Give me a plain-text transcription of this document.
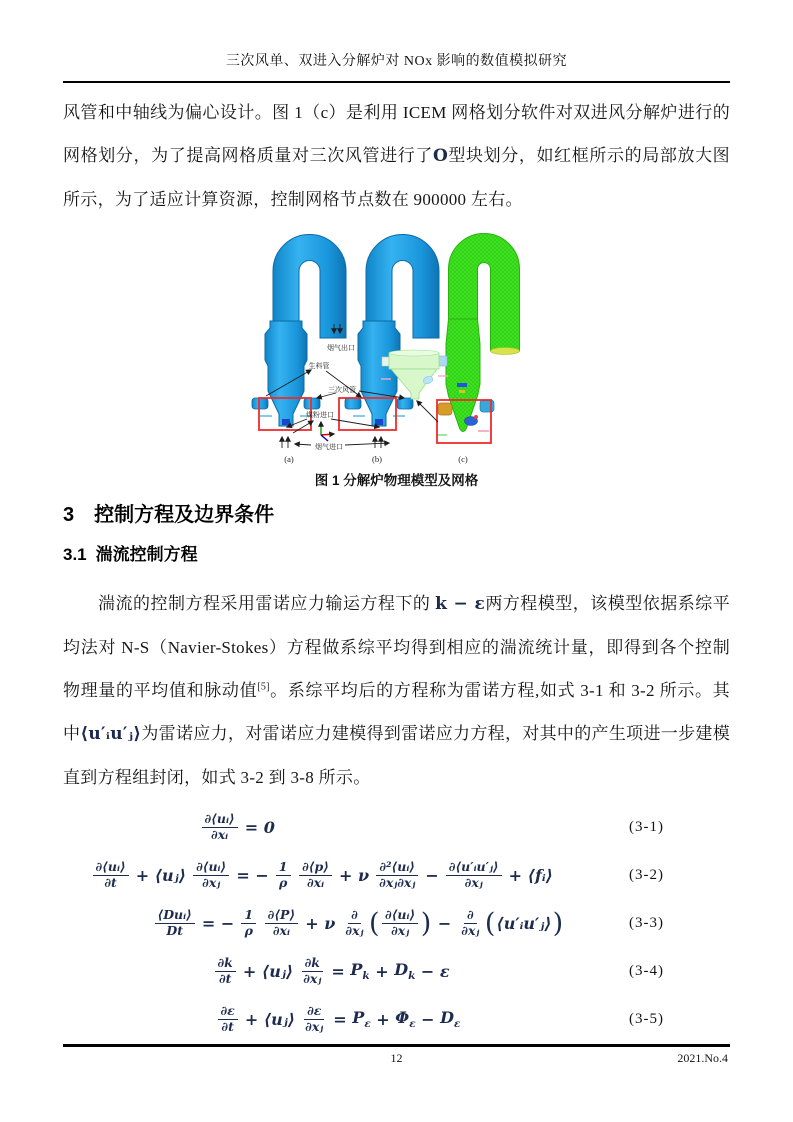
三次风单、双进入分解炉对 NOx 影响的数值模拟研究

风管和中轴线为偏心设计。图 1（c）是利用 ICEM 网格划分软件对双进风分解炉进行的网格划分，为了提高网格质量对三次风管进行了O型块划分，如红框所示的局部放大图所示，为了适应计算资源，控制网格节点数在 900000 左右。

烟气出口
生料管
三次风管
煤粉进口
烟气进口
(a)	(b)	(c)
图 1 分解炉物理模型及网格
3 控制方程及边界条件
3.1 湍流控制方程

湍流的控制方程采用雷诺应力输运方程下的 k − ε两方程模型，该模型依据系综平均法对 N-S（Navier-Stokes）方程做系综平均得到相应的湍流统计量，即得到各个控制物理量的平均值和脉动值[5]。系综平均后的方程称为雷诺方程,如式 3-1 和 3-2 所示。其中⟨u′ᵢu′ⱼ⟩为雷诺应力，对雷诺应力建模得到雷诺应力方程，对其中的产生项进一步建模直到方程组封闭，如式 3-2 到 3-8 所示。

$\frac{\text{∂⟨uᵢ⟩}}{\text{∂xᵢ}} = 0$	(3-1)
∂⟨uᵢ⟩
∂t + ⟨uⱼ⟩ $\frac{\text{∂⟨uᵢ⟩}}{\text{∂xⱼ}}$ = − $\frac{1}{\rho}$
∂⟨p⟩
∂xᵢ + ν ∂²⟨uᵢ⟩
∂xⱼ∂xⱼ − $\frac{\text{∂⟨u′ᵢu′ⱼ⟩}}{\text{∂xⱼ}}$ + ⟨fᵢ⟩	(3-2)
⟨Duᵢ⟩
Dt = − $\frac{1}{\rho}$
∂⟨P⟩
∂xᵢ + ν ∂
∂xⱼ ( ∂⟨uᵢ⟩
∂xⱼ ) − ∂
∂xⱼ ( ⟨u′ᵢu′ⱼ⟩ )	(3-3)
∂k
∂t + ⟨uⱼ⟩ $\frac{\partial k}{\text{∂xⱼ}} = P_k + D_k - \varepsilon$	(3-4)
∂ε
∂t + ⟨uⱼ⟩ $\frac{\partial\varepsilon}{\text{∂xⱼ}} = P_\varepsilon + \Phi_\varepsilon - D_\varepsilon$	(3-5)
12	2021.No.4
